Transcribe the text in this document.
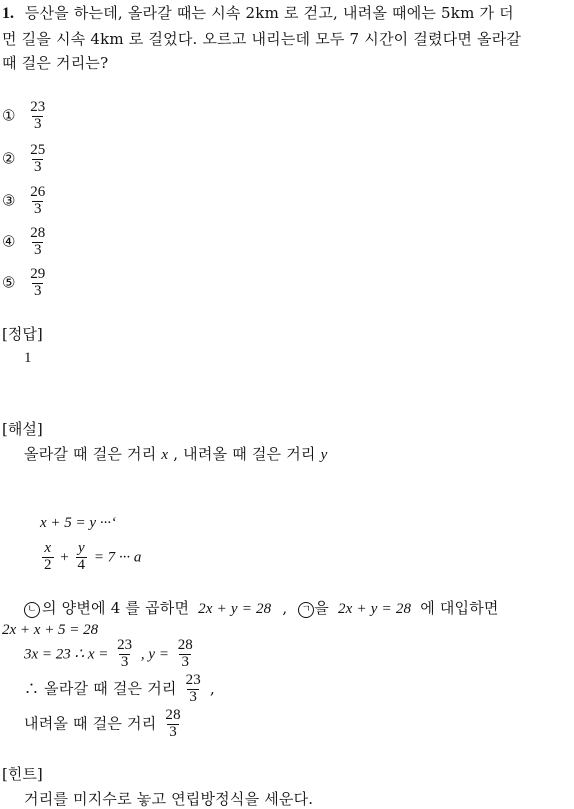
1. 등산을 하는데, 올라갈 때는 시속 2km 로 걷고, 내려올 때에는 5km 가 더
먼 길을 시속 4km 로 걸었다. 오르고 내리는데 모두 7 시간이 걸렸다면 올라갈
때 걸은 거리는?
① $\frac{23}{3}$
② $\frac{25}{3}$
③ $\frac{26}{3}$
④ $\frac{28}{3}$
⑤ $\frac{29}{3}$
[정답]
1
[해설]
올라갈 때 걸은 거리 x , 내려올 때 걸은 거리 y
x + 5 = y ···‘
$\frac{x}{2} + \frac{y}{4} = 7$ ··· a
ㄴ 의 양변에 4 를 곱하면 2x + y = 28 , ㄱ 을 2x + y = 28 에 대입하면
2x + x + 5 = 28
3x = 23 ∴ $x = \frac{23}{3}$ , $y = \frac{28}{3}$
∴ 올라갈 때 걸은 거리 $\frac{23}{3}$ ,
내려올 때 걸은 거리 $\frac{28}{3}$
[힌트]
거리를 미지수로 놓고 연립방정식을 세운다.
